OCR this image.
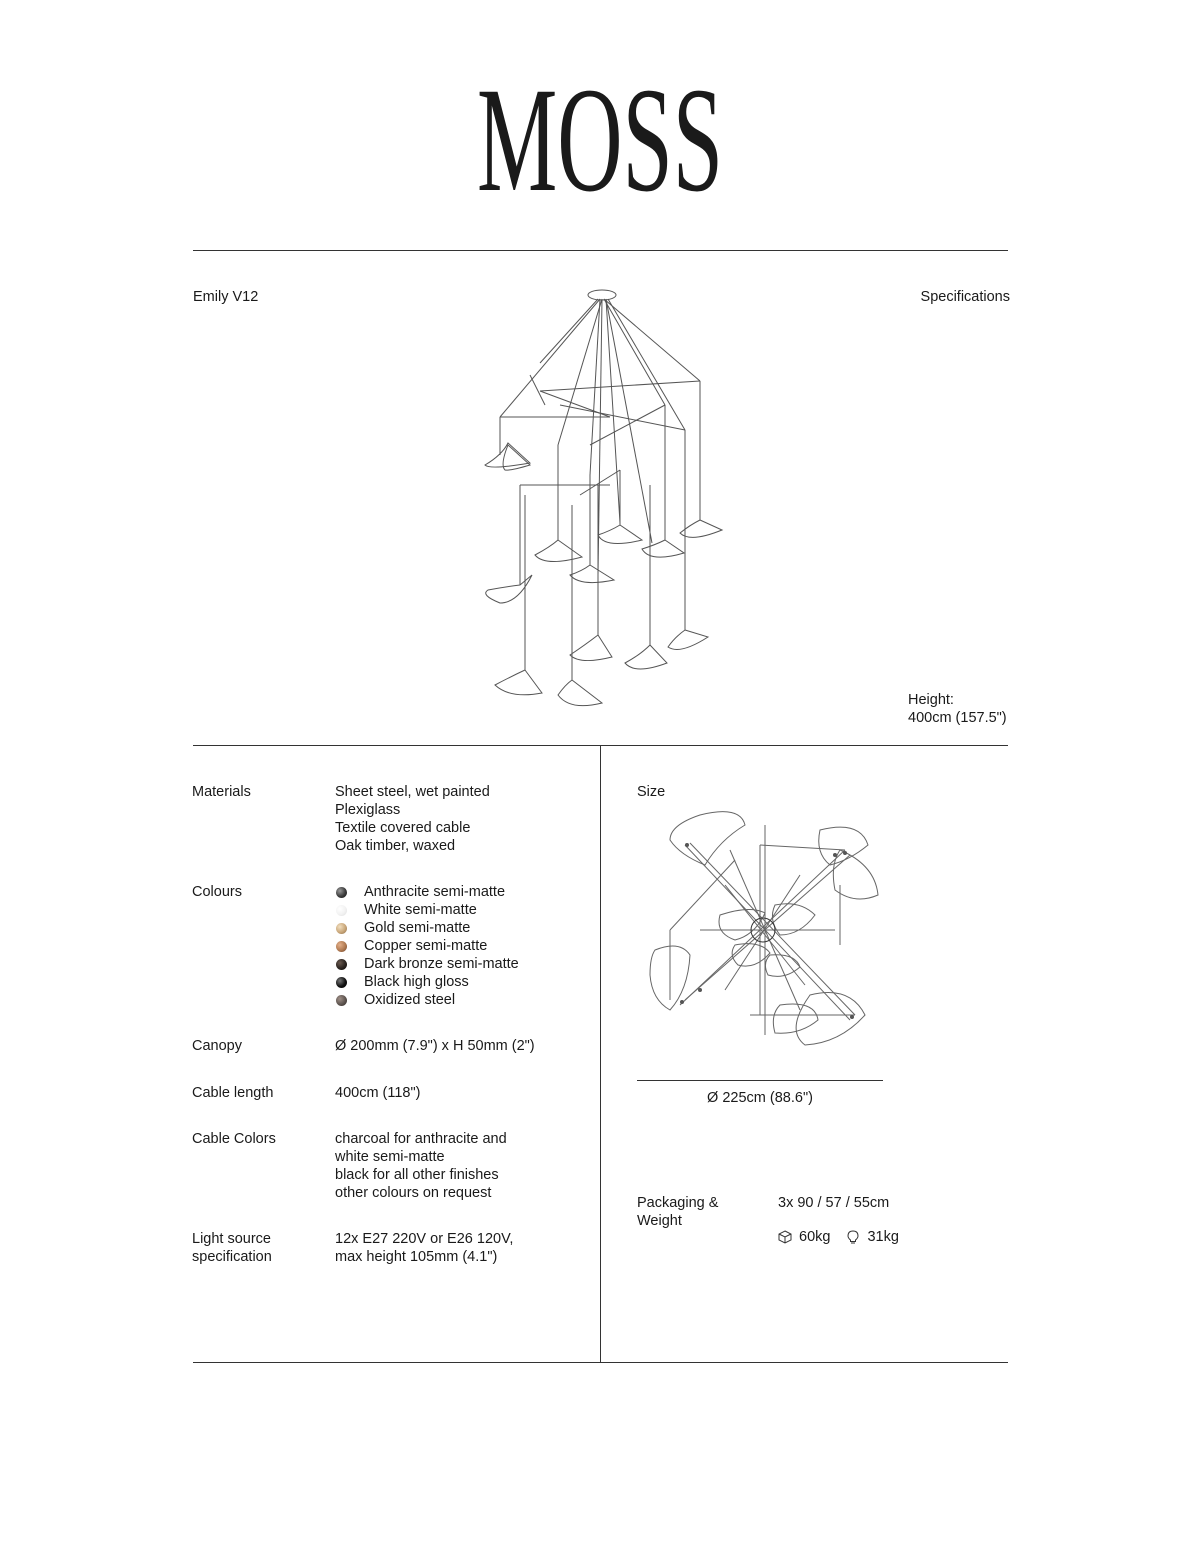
MOSS
Emily V12	Specifications
Height:
400cm (157.5")
Materials	Sheet steel, wet painted
Plexiglass
Textile covered cable
Oak timber, waxed
Colours	Anthracite semi-matte
White semi-matte
Gold semi-matte
Copper semi-matte
Dark bronze semi-matte
Black high gloss
Oxidized steel
Canopy	Ø 200mm (7.9") x H 50mm (2")
Cable length	400cm (118")
Cable Colors	charcoal for anthracite and
white semi-matte
black for all other finishes
other colours on request
Light source
specification
12x E27 220V or E26 120V,
max height 105mm (4.1")
Size
Ø 225cm (88.6")
Packaging &
Weight
3x 90 / 57 / 55cm
60kg	31kg
